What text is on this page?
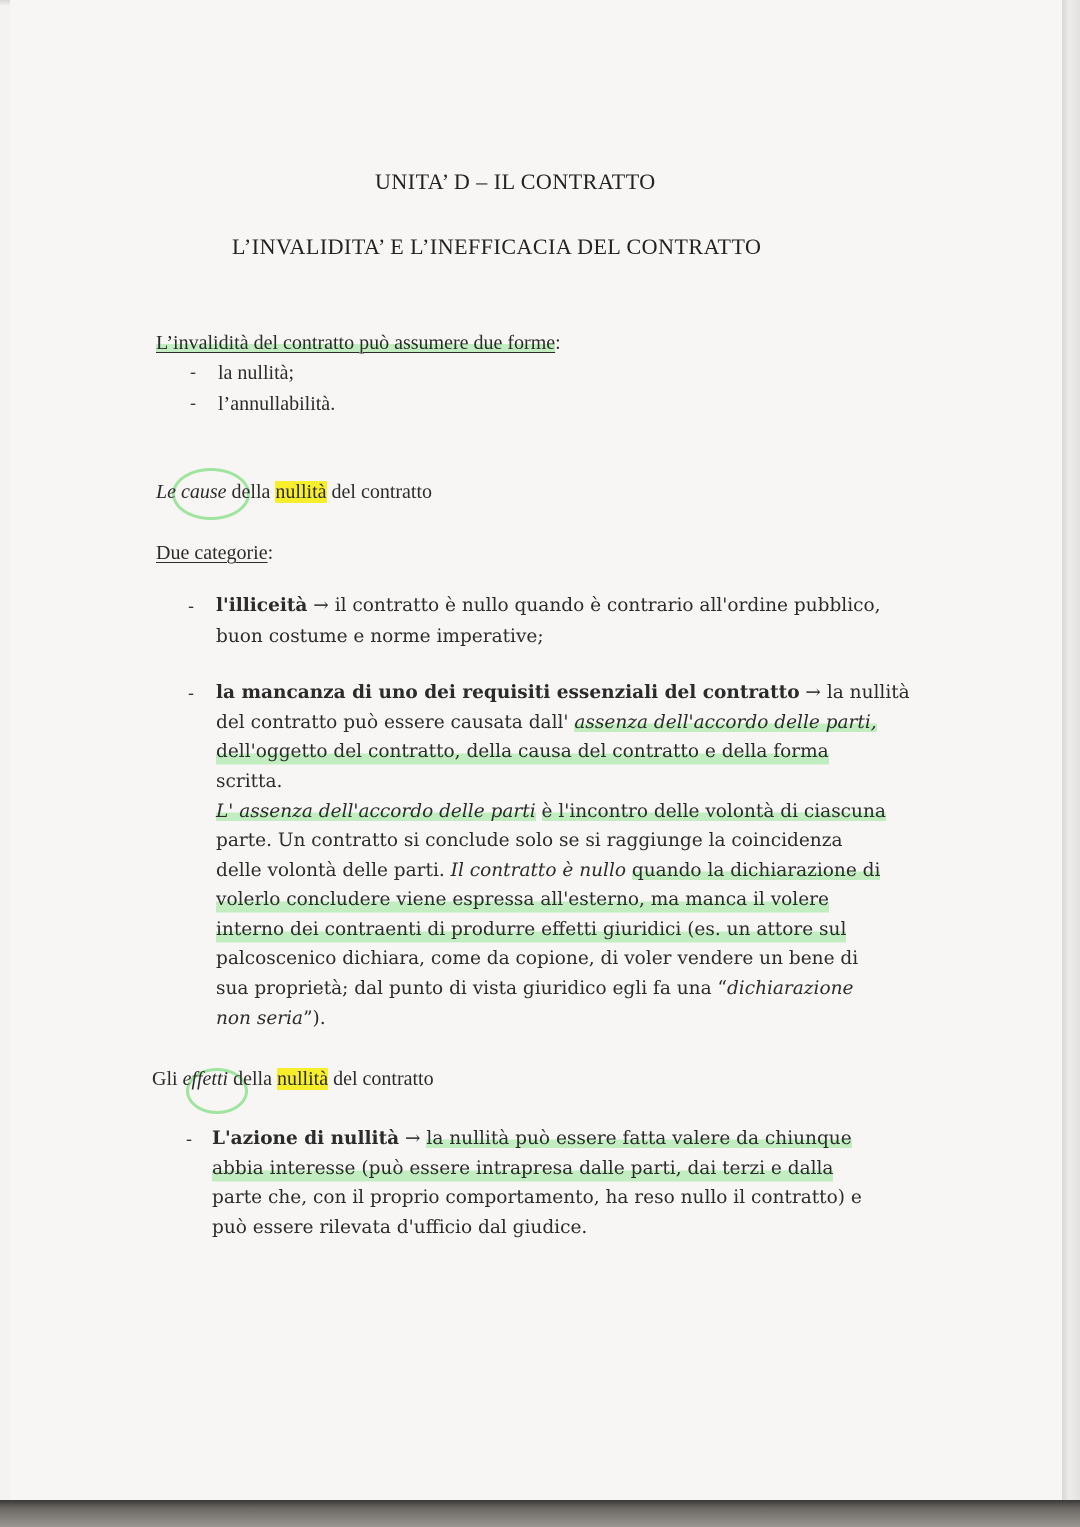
UNITA’ D – IL CONTRATTO
L’INVALIDITA’ E L’INEFFICACIA DEL CONTRATTO
L’invalidità del contratto può assumere due forme:
- la nullità;
- l’annullabilità.
Le cause della nullità del contratto
Due categorie:
- l'illiceità → il contratto è nullo quando è contrario all'ordine pubblico,
buon costume e norme imperative;
- la mancanza di uno dei requisiti essenziali del contratto → la nullità
del contratto può essere causata dall' assenza dell'accordo delle parti,
dell'oggetto del contratto, della causa del contratto e della forma
scritta.
L' assenza dell'accordo delle parti è l'incontro delle volontà di ciascuna
parte. Un contratto si conclude solo se si raggiunge la coincidenza
delle volontà delle parti. Il contratto è nullo quando la dichiarazione di
volerlo concludere viene espressa all'esterno, ma manca il volere
interno dei contraenti di produrre effetti giuridici (es. un attore sul
palcoscenico dichiara, come da copione, di voler vendere un bene di
sua proprietà; dal punto di vista giuridico egli fa una “dichiarazione
non seria”).
Gli effetti della nullità del contratto
- L'azione di nullità → la nullità può essere fatta valere da chiunque
abbia interesse (può essere intrapresa dalle parti, dai terzi e dalla
parte che, con il proprio comportamento, ha reso nullo il contratto) e
può essere rilevata d'ufficio dal giudice.
